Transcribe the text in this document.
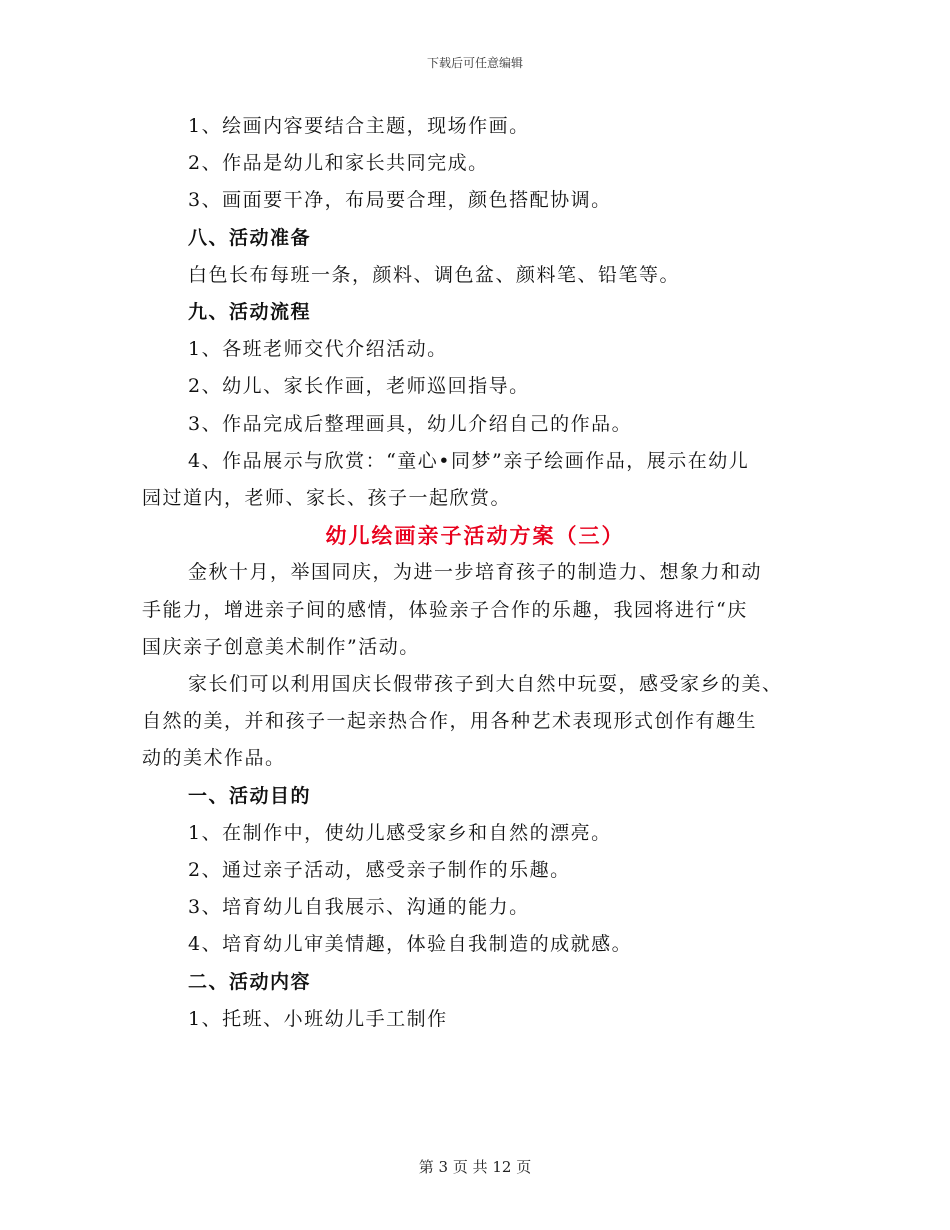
下载后可任意编辑
1、绘画内容要结合主题，现场作画。
2、作品是幼儿和家长共同完成。
3、画面要干净，布局要合理，颜色搭配协调。
八、活动准备
白色长布每班一条，颜料、调色盆、颜料笔、铅笔等。
九、活动流程
1、各班老师交代介绍活动。
2、幼儿、家长作画，老师巡回指导。
3、作品完成后整理画具，幼儿介绍自己的作品。
4、作品展示与欣赏：“童心•同梦”亲子绘画作品，展示在幼儿
园过道内，老师、家长、孩子一起欣赏。
幼儿绘画亲子活动方案（三）
金秋十月，举国同庆，为进一步培育孩子的制造力、想象力和动
手能力，增进亲子间的感情，体验亲子合作的乐趣，我园将进行“庆
国庆亲子创意美术制作”活动。
家长们可以利用国庆长假带孩子到大自然中玩耍，感受家乡的美、
自然的美，并和孩子一起亲热合作，用各种艺术表现形式创作有趣生
动的美术作品。
一、活动目的
1、在制作中，使幼儿感受家乡和自然的漂亮。
2、通过亲子活动，感受亲子制作的乐趣。
3、培育幼儿自我展示、沟通的能力。
4、培育幼儿审美情趣，体验自我制造的成就感。
二、活动内容
1、托班、小班幼儿手工制作
第 3 页 共 12 页
